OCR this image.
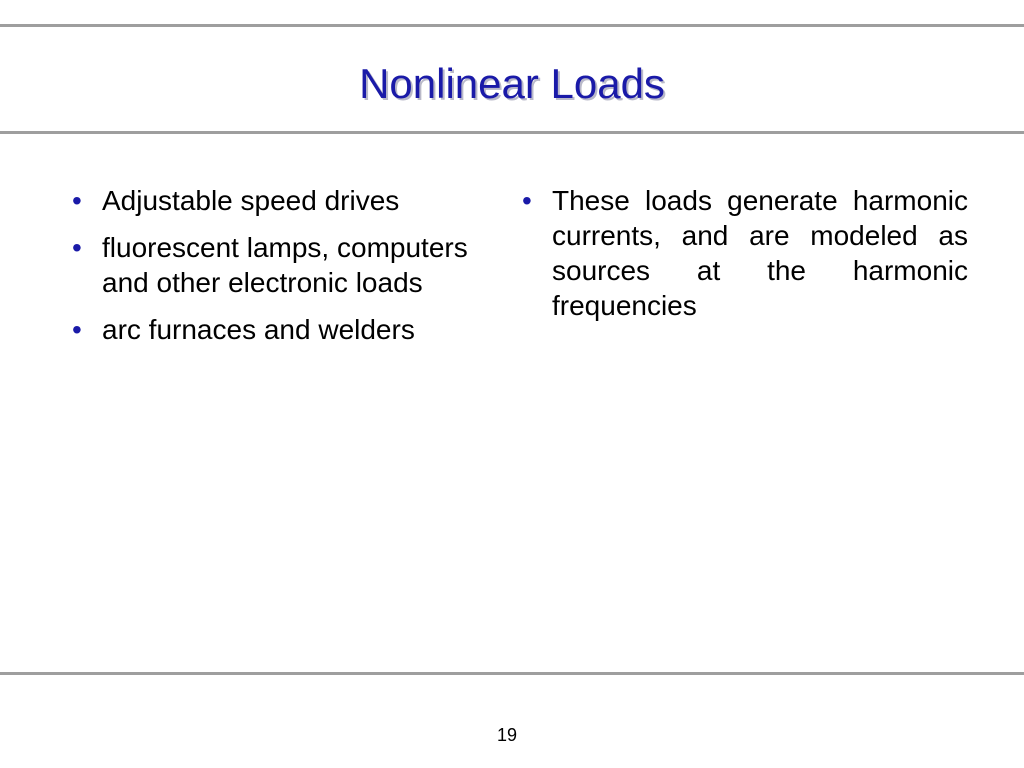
Nonlinear Loads
• Adjustable speed drives
• fluorescent lamps, computers and other electronic loads
• arc furnaces and welders
• These loads generate harmonic currents, and are modeled as sources at the harmonic frequencies
19
